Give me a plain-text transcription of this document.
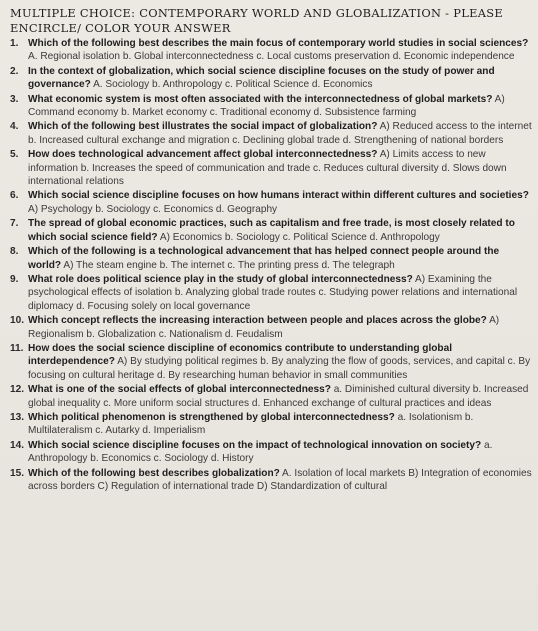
MULTIPLE CHOICE: CONTEMPORARY WORLD AND GLOBALIZATION - PLEASE ENCIRCLE/ COLOR YOUR ANSWER
1. Which of the following best describes the main focus of contemporary world studies in social sciences? A. Regional isolation b. Global interconnectedness c. Local customs preservation d. Economic independence
2. In the context of globalization, which social science discipline focuses on the study of power and governance? A. Sociology b. Anthropology c. Political Science d. Economics
3. What economic system is most often associated with the interconnectedness of global markets? A) Command economy b. Market economy c. Traditional economy d. Subsistence farming
4. Which of the following best illustrates the social impact of globalization? A) Reduced access to the internet b. Increased cultural exchange and migration c. Declining global trade d. Strengthening of national borders
5. How does technological advancement affect global interconnectedness? A) Limits access to new information b. Increases the speed of communication and trade c. Reduces cultural diversity d. Slows down international relations
6. Which social science discipline focuses on how humans interact within different cultures and societies? A) Psychology b. Sociology c. Economics d. Geography
7. The spread of global economic practices, such as capitalism and free trade, is most closely related to which social science field? A) Economics b. Sociology c. Political Science d. Anthropology
8. Which of the following is a technological advancement that has helped connect people around the world? A) The steam engine b. The internet c. The printing press d. The telegraph
9. What role does political science play in the study of global interconnectedness? A) Examining the psychological effects of isolation b. Analyzing global trade routes c. Studying power relations and international diplomacy d. Focusing solely on local governance
10. Which concept reflects the increasing interaction between people and places across the globe? A) Regionalism b. Globalization c. Nationalism d. Feudalism
11. How does the social science discipline of economics contribute to understanding global interdependence? A) By studying political regimes b. By analyzing the flow of goods, services, and capital c. By focusing on cultural heritage d. By researching human behavior in small communities
12. What is one of the social effects of global interconnectedness? a. Diminished cultural diversity b. Increased global inequality c. More uniform social structures d. Enhanced exchange of cultural practices and ideas
13. Which political phenomenon is strengthened by global interconnectedness? a. Isolationism b. Multilateralism c. Autarky d. Imperialism
14. Which social science discipline focuses on the impact of technological innovation on society? a. Anthropology b. Economics c. Sociology d. History
15. Which of the following best describes globalization? A. Isolation of local markets B) Integration of economies across borders C) Regulation of international trade D) Standardization of cultural
